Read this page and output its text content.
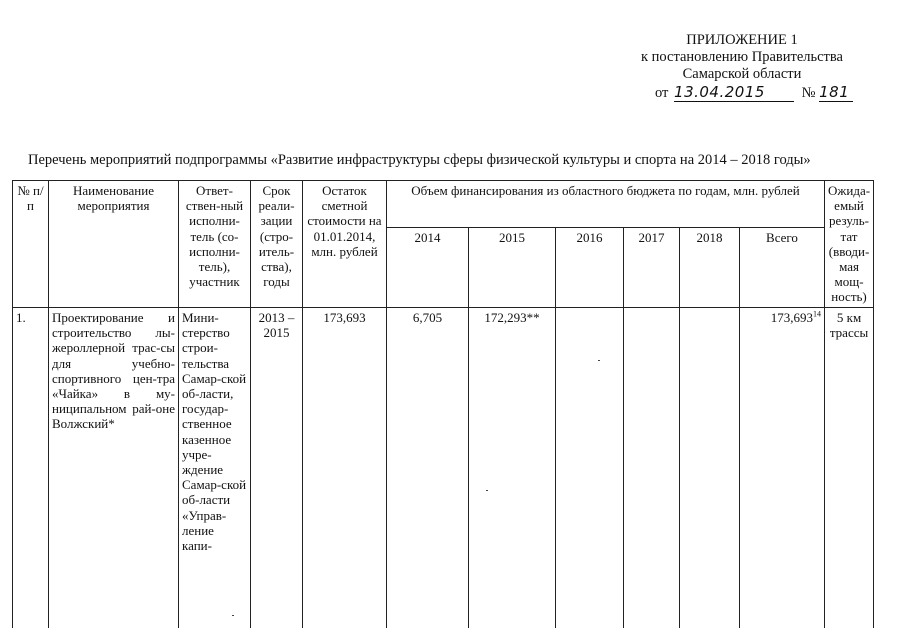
ПРИЛОЖЕНИЕ 1
к постановлению Правительства
Самарской области
от 13.04.2015	№ 181
Перечень мероприятий подпрограммы «Развитие инфраструктуры сферы физической культуры и спорта на 2014 – 2018 годы»
№ п/п	Наименование мероприятия	Ответ-ствен-ный исполни-тель (со-исполни-тель), участник	Срок реали-зации (стро-итель-ства), годы	Остаток сметной стоимости на 01.01.2014, млн. рублей	Объем финансирования из областного бюджета по годам, млн. рублей						Ожида-емый резуль-тат (вводи-мая мощ-ность)
					2014	2015	2016	2017	2018	Всего	
1.	Проектирование и строительство лы-жероллерной трас-сы для учебно-спортивного цен-тра «Чайка» в му-ниципальном рай-оне Волжский*	Мини-стерство строи-тельства Самар-ской об-ласти, государ-ственное казенное учре-ждение Самар-ской об-ласти «Управ-ление капи-	2013 – 2015	173,693	6,705	172,293**				173,693$^{14}$	5 км трассы
